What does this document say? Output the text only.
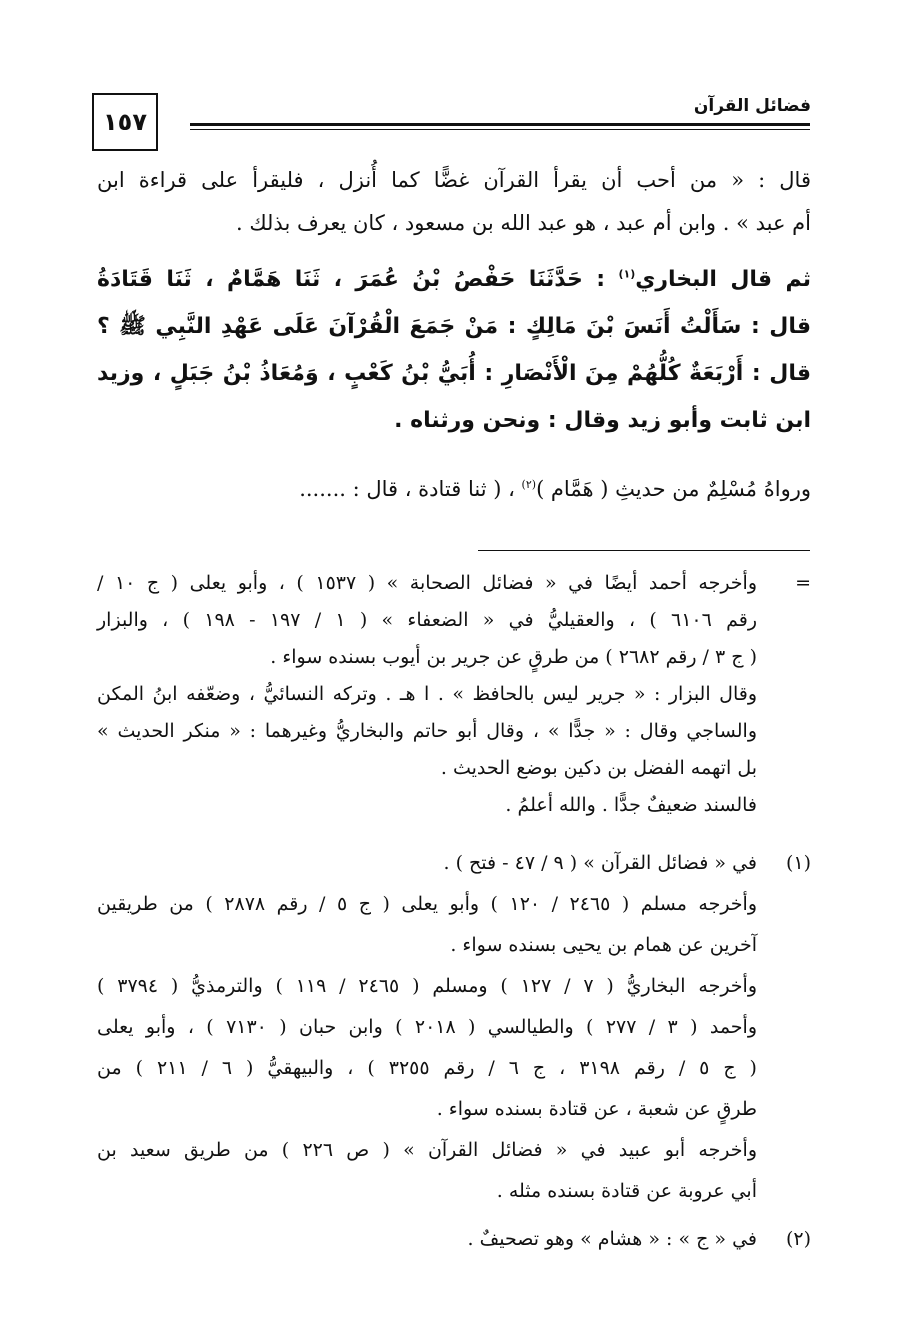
١٥٧
فضائل القرآن
قال : « من أحب أن يقرأ القرآن غضًّا كما أُنزل ، فليقرأ على قراءة ابن
أم عبد » . وابن أم عبد ، هو عبد الله بن مسعود ، كان يعرف بذلك .
ثم قال البخاري$^{(١)}$ : حَدَّثَنَا حَفْصُ بْنُ عُمَرَ ، ثَنَا هَمَّامٌ ، ثَنَا قَتَادَةُ
قال : سَأَلْتُ أَنَسَ بْنَ مَالِكٍ : مَنْ جَمَعَ الْقُرْآنَ عَلَى عَهْدِ النَّبِي ﷺ ؟
قال : أَرْبَعَةٌ كُلُّهُمْ مِنَ الْأَنْصَارِ : أُبَيُّ بْنُ كَعْبٍ ، وَمُعَاذُ بْنُ جَبَلٍ ، وزيد
ابن ثابت وأبو زيد وقال : ونحن ورثناه .
ورواهُ مُسْلِمٌ من حديثِ ( هَمَّام )$^{(٢)}$ ، ( ثنا قتادة ، قال : .......
=
وأخرجه أحمد أيضًا في « فضائل الصحابة » ( ١٥٣٧ ) ، وأبو يعلى ( ج ١٠ /
رقم ٦١٠٦ ) ، والعقيليُّ في « الضعفاء » ( ١ / ١٩٧ - ١٩٨ ) ، والبزار
( ج ٣ / رقم ٢٦٨٢ ) من طرقٍ عن جرير بن أيوب بسنده سواء .
وقال البزار : « جرير ليس بالحافظ » . ا هـ . وتركه النسائيُّ ، وضعّفه ابنُ المكن
والساجي وقال : « جدًّا » ، وقال أبو حاتم والبخاريُّ وغيرهما : « منكر الحديث »
بل اتهمه الفضل بن دكين بوضع الحديث .
فالسند ضعيفٌ جدًّا . والله أعلمُ .
(١)
في « فضائل القرآن » ( ٩ / ٤٧ - فتح ) .
وأخرجه مسلم ( ٢٤٦٥ / ١٢٠ ) وأبو يعلى ( ج ٥ / رقم ٢٨٧٨ ) من طريقين
آخرين عن همام بن يحيى بسنده سواء .
وأخرجه البخاريُّ ( ٧ / ١٢٧ ) ومسلم ( ٢٤٦٥ / ١١٩ ) والترمذيُّ ( ٣٧٩٤ )
وأحمد ( ٣ / ٢٧٧ ) والطيالسي ( ٢٠١٨ ) وابن حبان ( ٧١٣٠ ) ، وأبو يعلى
( ج ٥ / رقم ٣١٩٨ ، ج ٦ / رقم ٣٢٥٥ ) ، والبيهقيُّ ( ٦ / ٢١١ ) من
طرقٍ عن شعبة ، عن قتادة بسنده سواء .
وأخرجه أبو عبيد في « فضائل القرآن » ( ص ٢٢٦ ) من طريق سعيد بن
أبي عروبة عن قتادة بسنده مثله .
(٢)
في « ج » : « هشام » وهو تصحيفٌ .
